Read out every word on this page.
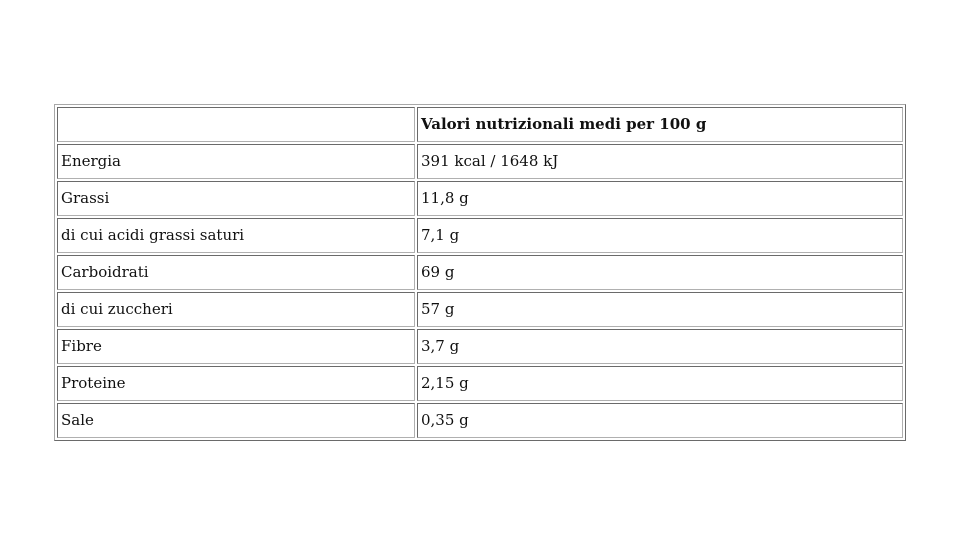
	Valori nutrizionali medi per 100 g
Energia	391 kcal / 1648 kJ
Grassi	11,8 g
di cui acidi grassi saturi	7,1 g
Carboidrati	69 g
di cui zuccheri	57 g
Fibre	3,7 g
Proteine	2,15 g
Sale	0,35 g
